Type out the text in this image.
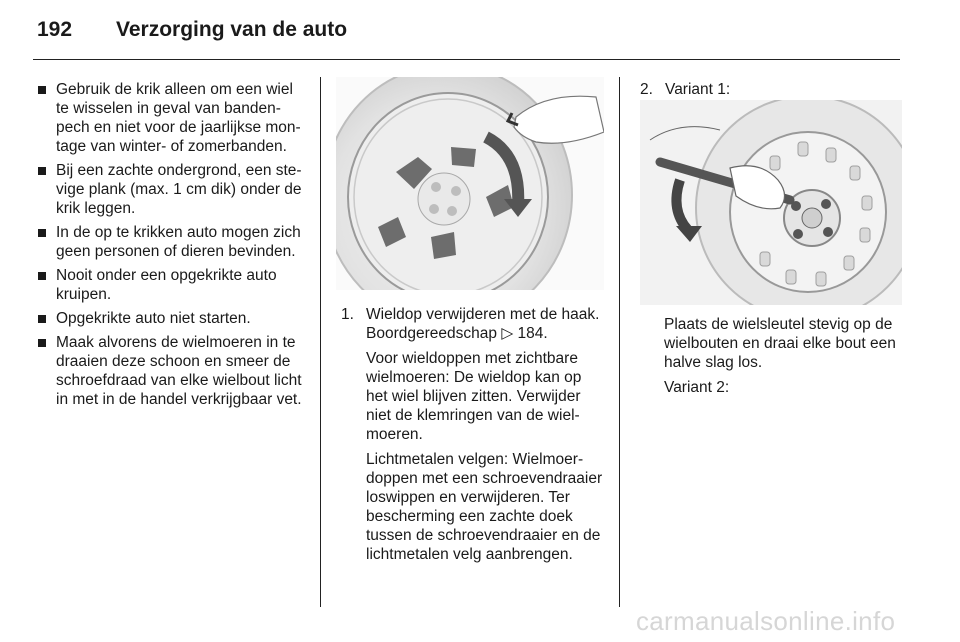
192 Verzorging van de auto
Gebruik de krik alleen om een wiel te wisselen in geval van bandenpech en niet voor de jaarlijkse montage van winter- of zomerbanden.
Bij een zachte ondergrond, een stevige plank (max. 1 cm dik) onder de krik leggen.
In de op te krikken auto mogen zich geen personen of dieren bevinden.
Nooit onder een opgekrikte auto kruipen.
Opgekrikte auto niet starten.
Maak alvorens de wielmoeren in te draaien deze schoon en smeer de schroefdraad van elke wielbout licht in met in de handel verkrijgbaar vet.
1. Wieldop verwijderen met de haak. Boordgereedschap ▷ 184.

Voor wieldoppen met zichtbare wielmoeren: De wieldop kan op het wiel blijven zitten. Verwijder niet de klemringen van de wielmoeren.

Lichtmetalen velgen: Wielmoerdoppen met een schroevendraaier loswippen en verwijderen. Ter bescherming een zachte doek tussen de schroevendraaier en de lichtmetalen velg aanbrengen.

2. Variant 1:

Plaats de wielsleutel stevig op de wielbouten en draai elke bout een halve slag los.

Variant 2:

carmanualsonline.info
